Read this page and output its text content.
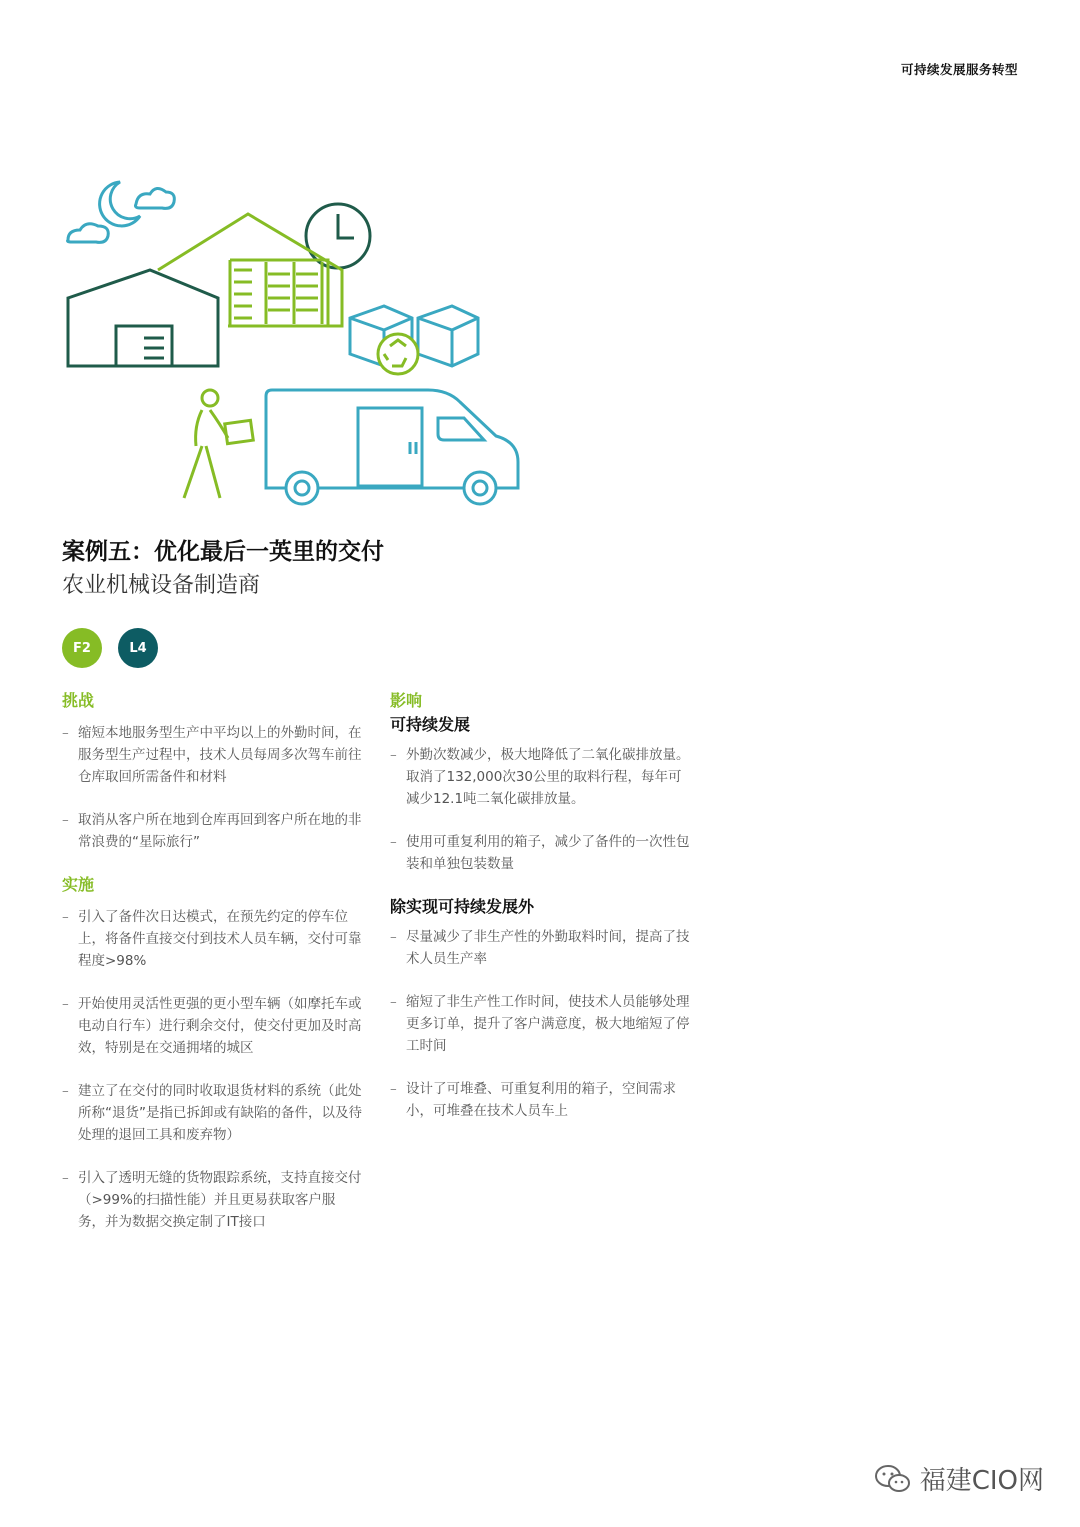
可持续发展服务转型
案例五：优化最后一英里的交付
农业机械设备制造商
F2	L4
挑战
– 缩短本地服务型生产中平均以上的外勤时间，在服务型生产过程中，技术人员每周多次驾车前往仓库取回所需备件和材料
– 取消从客户所在地到仓库再回到客户所在地的非常浪费的“星际旅行”
实施
– 引入了备件次日达模式，在预先约定的停车位上，将备件直接交付到技术人员车辆，交付可靠程度>98%
– 开始使用灵活性更强的更小型车辆（如摩托车或电动自行车）进行剩余交付，使交付更加及时高效，特别是在交通拥堵的城区
– 建立了在交付的同时收取退货材料的系统（此处所称“退货”是指已拆卸或有缺陷的备件，以及待处理的退回工具和废弃物）
– 引入了透明无缝的货物跟踪系统，支持直接交付（>99%的扫描性能）并且更易获取客户服务，并为数据交换定制了IT接口
影响
可持续发展
– 外勤次数减少，极大地降低了二氧化碳排放量。取消了132,000次30公里的取料行程，每年可减少12.1吨二氧化碳排放量。
– 使用可重复利用的箱子，减少了备件的一次性包装和单独包装数量
除实现可持续发展外
– 尽量减少了非生产性的外勤取料时间，提高了技术人员生产率
– 缩短了非生产性工作时间，使技术人员能够处理更多订单，提升了客户满意度，极大地缩短了停工时间
– 设计了可堆叠、可重复利用的箱子，空间需求小，可堆叠在技术人员车上
福建CIO网
